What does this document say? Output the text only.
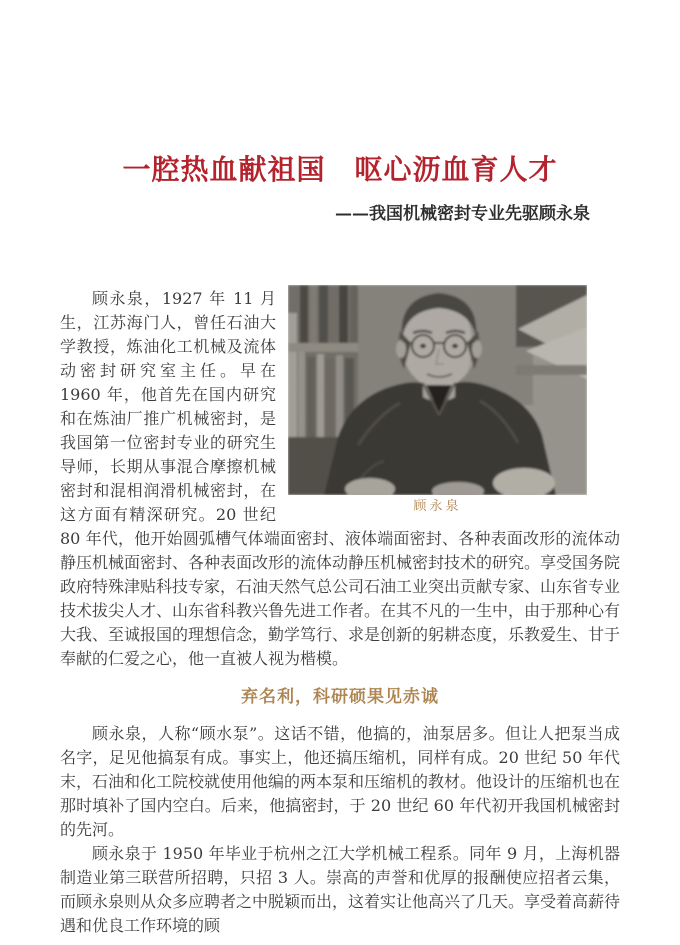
一腔热血献祖国　呕心沥血育人才
——我国机械密封专业先驱顾永泉
顾永泉

顾永泉，1927 年 11 月生，江苏海门人，曾任石油大学教授，炼油化工机械及流体动密封研究室主任。早在 1960 年，他首先在国内研究和在炼油厂推广机械密封，是我国第一位密封专业的研究生导师，长期从事混合摩擦机械密封和混相润滑机械密封，在这方面有精深研究。20 世纪 80 年代，他开始圆弧槽气体端面密封、液体端面密封、各种表面改形的流体动静压机械面密封、各种表面改形的流体动静压机械密封技术的研究。享受国务院政府特殊津贴科技专家，石油天然气总公司石油工业突出贡献专家、山东省专业技术拔尖人才、山东省科教兴鲁先进工作者。在其不凡的一生中，由于那种心有大我、至诚报国的理想信念，勤学笃行、求是创新的躬耕态度，乐教爱生、甘于奉献的仁爱之心，他一直被人视为楷模。

弃名利，科研硕果见赤诚

顾永泉，人称“顾水泵”。这话不错，他搞的，油泵居多。但让人把泵当成名字，足见他搞泵有成。事实上，他还搞压缩机，同样有成。20 世纪 50 年代末，石油和化工院校就使用他编的两本泵和压缩机的教材。他设计的压缩机也在那时填补了国内空白。后来，他搞密封，于 20 世纪 60 年代初开我国机械密封的先河。

顾永泉于 1950 年毕业于杭州之江大学机械工程系。同年 9 月，上海机器制造业第三联营所招聘，只招 3 人。崇高的声誉和优厚的报酬使应招者云集，而顾永泉则从众多应聘者之中脱颖而出，这着实让他高兴了几天。享受着高薪待遇和优良工作环境的顾
